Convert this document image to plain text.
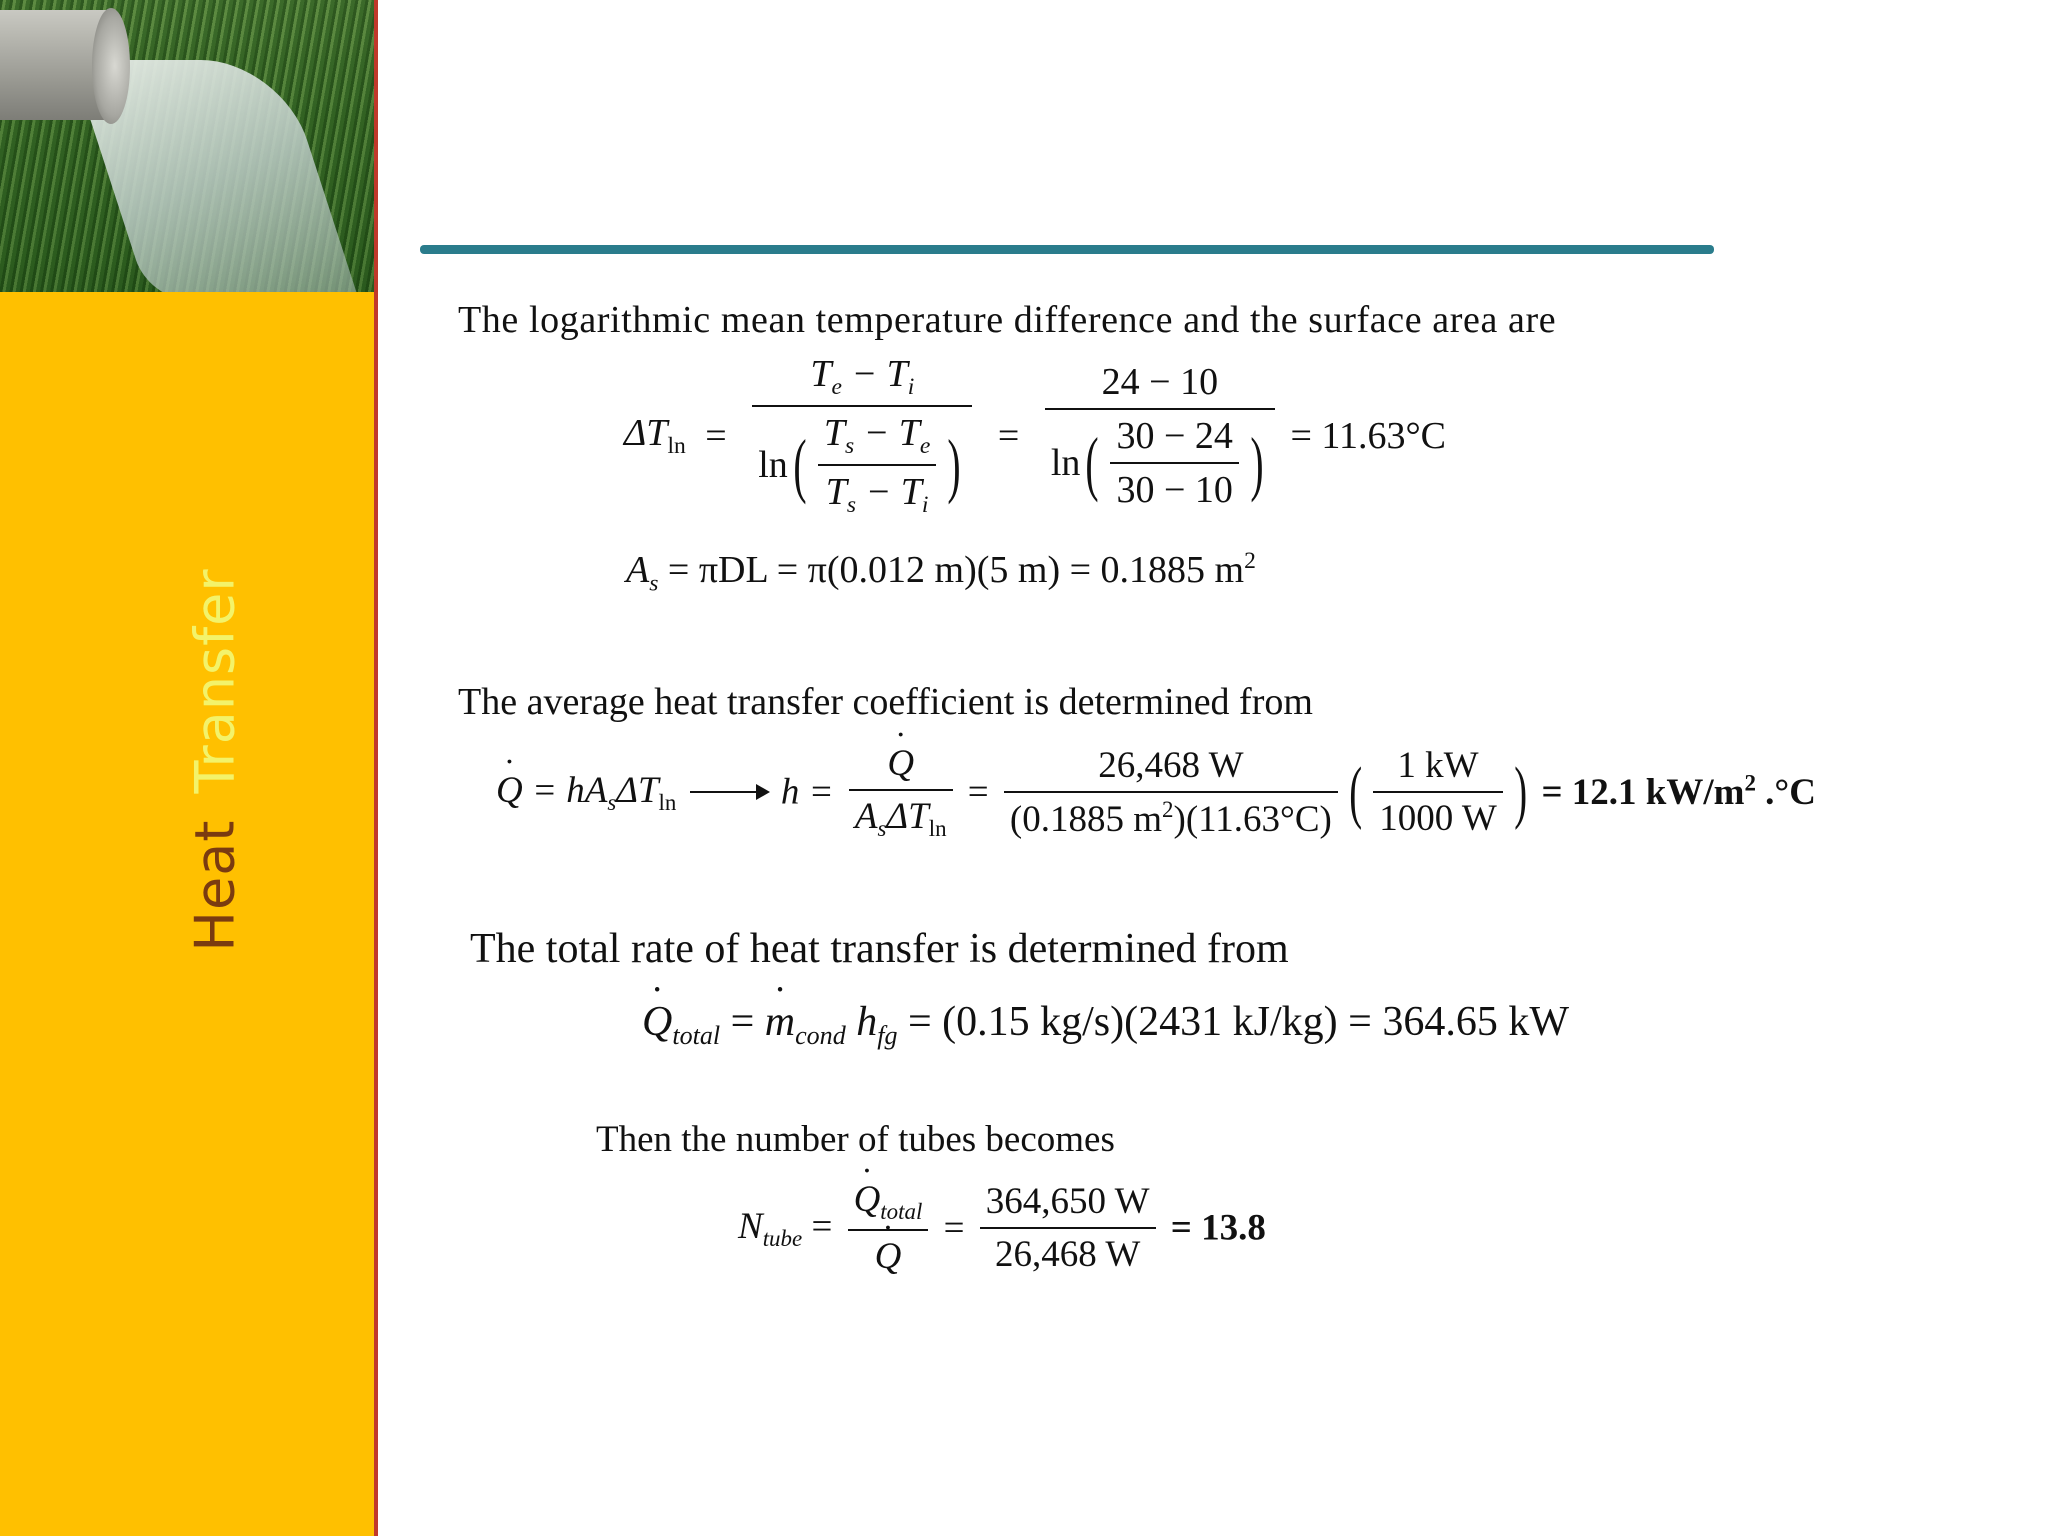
HeatTransfer
The logarithmic mean temperature difference and the surface area are
The average heat transfer coefficient is determined from
The total rate of heat transfer is determined from
Then the number of tubes becomes
$\Delta T_{ln} = \frac{T_e - T_i}{\ln( \frac{T_s - T_e}{T_s - T_i} )} = \frac{24 - 10}{\ln( \frac{30 - 24}{30 - 10} )} = 11.63^\circ C$
$A_s = \pi DL = \pi(0.012$ m)(5 m) = 0.1885 $m^2$
˙ $Q = hA_s\Delta T_{ln}$	h = ˙ $\frac{Q}{A_s\Delta T_{ln}} = \frac{26,468 W}{(0.1885 m^2)(11.63^\circ C)}$ ( $\frac{1 kW}{1000 W}$ ) = 12.1 $kW/m^2$ .°C
˙ $Q_{total}$ = ˙ $m_{cond}$ $h_{fg} = (0.15$ kg/s)(2431 kJ/kg) = 364.65 kW
$N_{tube}$ = ˙ $Q_{total}$
˙ $Q = \frac{364,650 W}{26,468 W} = 13.8$
